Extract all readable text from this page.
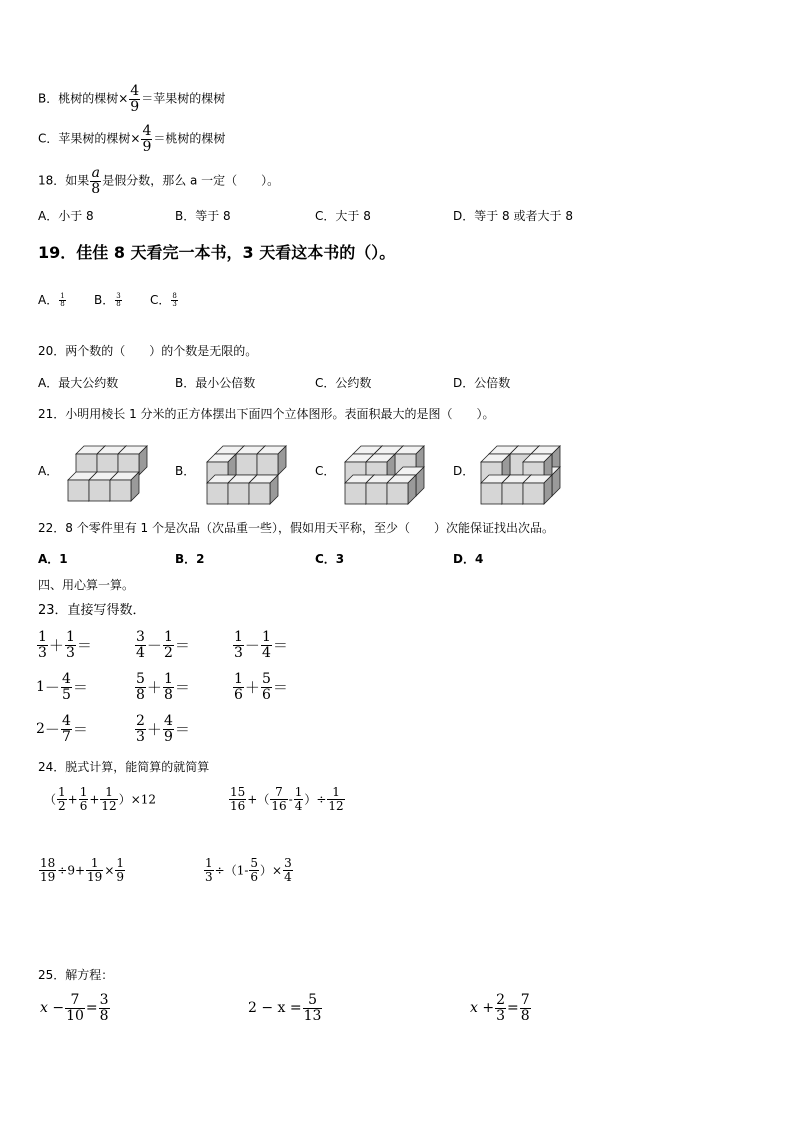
B．桃树的棵树× $\frac{4}{9}$ ＝苹果树的棵树
C．苹果树的棵树× $\frac{4}{9}$ ＝桃树的棵树
18．如果 $\frac{a}{8}$ 是假分数，那么 a 一定（　　）。
A．小于 8	B．等于 8	C．大于 8	D．等于 8 或者大于 8
19．佳佳 8 天看完一本书，3 天看这本书的（）。
A． $\frac{1}{8}$ B． $\frac{3}{8}$ C． $\frac{8}{3}$
20．两个数的（　　）的个数是无限的。
A．最大公约数	B．最小公倍数	C．公约数	D．公倍数
21．小明用棱长 1 分米的正方体摆出下面四个立体图形。表面积最大的是图（　　）。
A．	B．	C．	D．
22．8 个零件里有 1 个是次品（次品重一些），假如用天平称，至少（　　）次能保证找出次品。
A．1	B．2	C．3	D．4
四、用心算一算。
23．直接写得数．
$\frac{1}{3} + \frac{1}{3}$ ＝	$\frac{3}{4} - \frac{1}{2}$ ＝	$\frac{1}{3} - \frac{1}{4}$ ＝
$1- \frac{4}{5}$ ＝	$\frac{5}{8} + \frac{1}{8}$ ＝	$\frac{1}{6} + \frac{5}{6}$ ＝
$2- \frac{4}{7}$ ＝	$\frac{2}{3} + \frac{4}{9}$ ＝
24．脱式计算，能简算的就简算
（ $\frac{1}{2} + \frac{1}{6} + \frac{1}{12} )\times 12$	$\frac{15}{16}$ +（ $\frac{7}{16} - \frac{1}{4}$ ）÷ $\frac{1}{12}$
$\frac{18}{19} \div 9+ \frac{1}{19} \times \frac{1}{9}$	$\frac{1}{3} \div(1- \frac{5}{6}$ ）× $\frac{3}{4}$
25．解方程：
$x - \frac{7}{10} = \frac{3}{8}$	$2 - x = \frac{5}{13}$	$x + \frac{2}{3} = \frac{7}{8}$
